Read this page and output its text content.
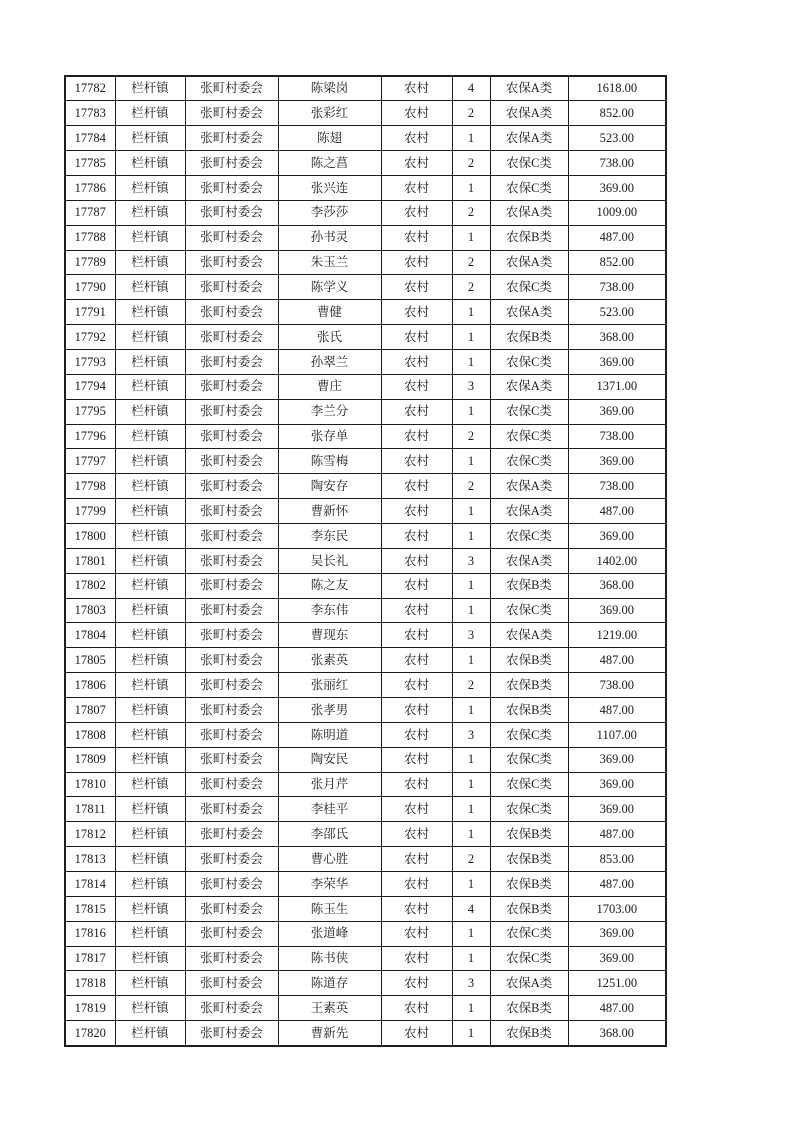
17782	栏杆镇	张町村委会	陈梁岗	农村	4	农保A类	1618.00
17783	栏杆镇	张町村委会	张彩红	农村	2	农保A类	852.00
17784	栏杆镇	张町村委会	陈翅	农村	1	农保A类	523.00
17785	栏杆镇	张町村委会	陈之菖	农村	2	农保C类	738.00
17786	栏杆镇	张町村委会	张兴连	农村	1	农保C类	369.00
17787	栏杆镇	张町村委会	李莎莎	农村	2	农保A类	1009.00
17788	栏杆镇	张町村委会	孙书灵	农村	1	农保B类	487.00
17789	栏杆镇	张町村委会	朱玉兰	农村	2	农保A类	852.00
17790	栏杆镇	张町村委会	陈学义	农村	2	农保C类	738.00
17791	栏杆镇	张町村委会	曹健	农村	1	农保A类	523.00
17792	栏杆镇	张町村委会	张氏	农村	1	农保B类	368.00
17793	栏杆镇	张町村委会	孙翠兰	农村	1	农保C类	369.00
17794	栏杆镇	张町村委会	曹庄	农村	3	农保A类	1371.00
17795	栏杆镇	张町村委会	李兰分	农村	1	农保C类	369.00
17796	栏杆镇	张町村委会	张存单	农村	2	农保C类	738.00
17797	栏杆镇	张町村委会	陈雪梅	农村	1	农保C类	369.00
17798	栏杆镇	张町村委会	陶安存	农村	2	农保A类	738.00
17799	栏杆镇	张町村委会	曹新怀	农村	1	农保A类	487.00
17800	栏杆镇	张町村委会	李东民	农村	1	农保C类	369.00
17801	栏杆镇	张町村委会	吴长礼	农村	3	农保A类	1402.00
17802	栏杆镇	张町村委会	陈之友	农村	1	农保B类	368.00
17803	栏杆镇	张町村委会	李东伟	农村	1	农保C类	369.00
17804	栏杆镇	张町村委会	曹现东	农村	3	农保A类	1219.00
17805	栏杆镇	张町村委会	张素英	农村	1	农保B类	487.00
17806	栏杆镇	张町村委会	张丽红	农村	2	农保B类	738.00
17807	栏杆镇	张町村委会	张孝男	农村	1	农保B类	487.00
17808	栏杆镇	张町村委会	陈明道	农村	3	农保C类	1107.00
17809	栏杆镇	张町村委会	陶安民	农村	1	农保C类	369.00
17810	栏杆镇	张町村委会	张月芹	农村	1	农保C类	369.00
17811	栏杆镇	张町村委会	李桂平	农村	1	农保C类	369.00
17812	栏杆镇	张町村委会	李邵氏	农村	1	农保B类	487.00
17813	栏杆镇	张町村委会	曹心胜	农村	2	农保B类	853.00
17814	栏杆镇	张町村委会	李荣华	农村	1	农保B类	487.00
17815	栏杆镇	张町村委会	陈玉生	农村	4	农保B类	1703.00
17816	栏杆镇	张町村委会	张道峰	农村	1	农保C类	369.00
17817	栏杆镇	张町村委会	陈书侠	农村	1	农保C类	369.00
17818	栏杆镇	张町村委会	陈道存	农村	3	农保A类	1251.00
17819	栏杆镇	张町村委会	王素英	农村	1	农保B类	487.00
17820	栏杆镇	张町村委会	曹新先	农村	1	农保B类	368.00
